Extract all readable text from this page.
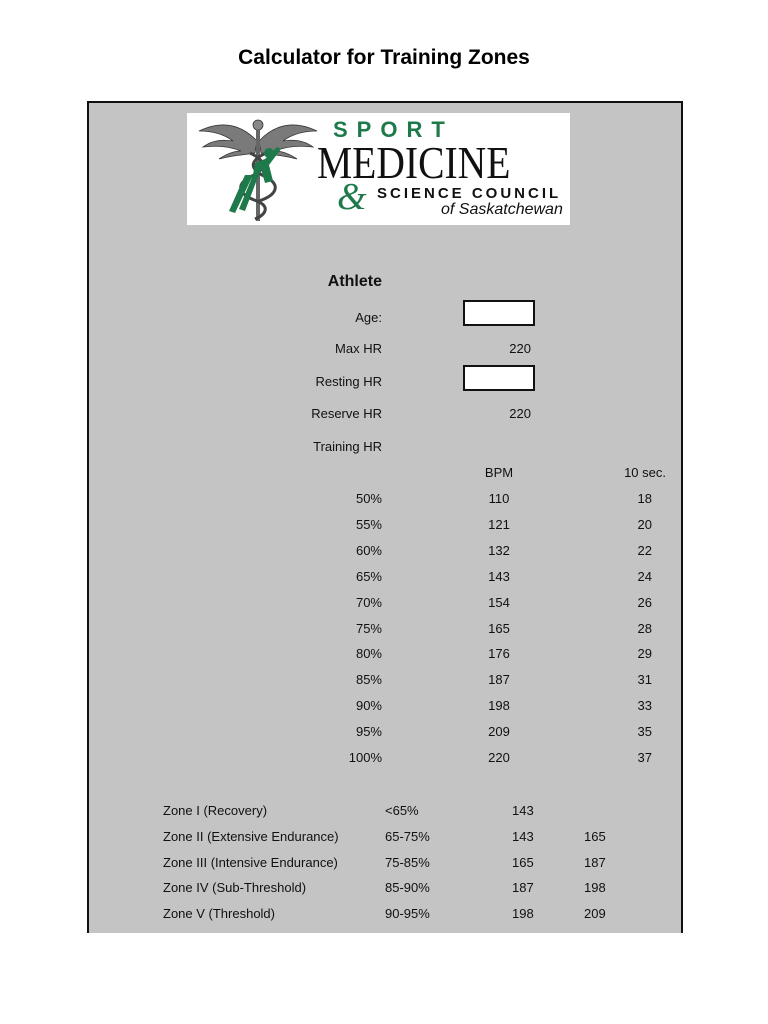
Calculator for Training Zones
SPORT
MEDICINE
& SCIENCE COUNCIL
of Saskatchewan
Athlete
Age:
Max HR	220
Resting HR
Reserve HR	220
Training HR
BPM	10 sec.
50%	110	18
55%	121	20
60%	132	22
65%	143	24
70%	154	26
75%	165	28
80%	176	29
85%	187	31
90%	198	33
95%	209	35
100%	220	37
Zone I (Recovery)	<65%	143
Zone II (Extensive Endurance)	65-75%	143	165
Zone III (Intensive Endurance)	75-85%	165	187
Zone IV (Sub-Threshold)	85-90%	187	198
Zone V (Threshold)	90-95%	198	209
